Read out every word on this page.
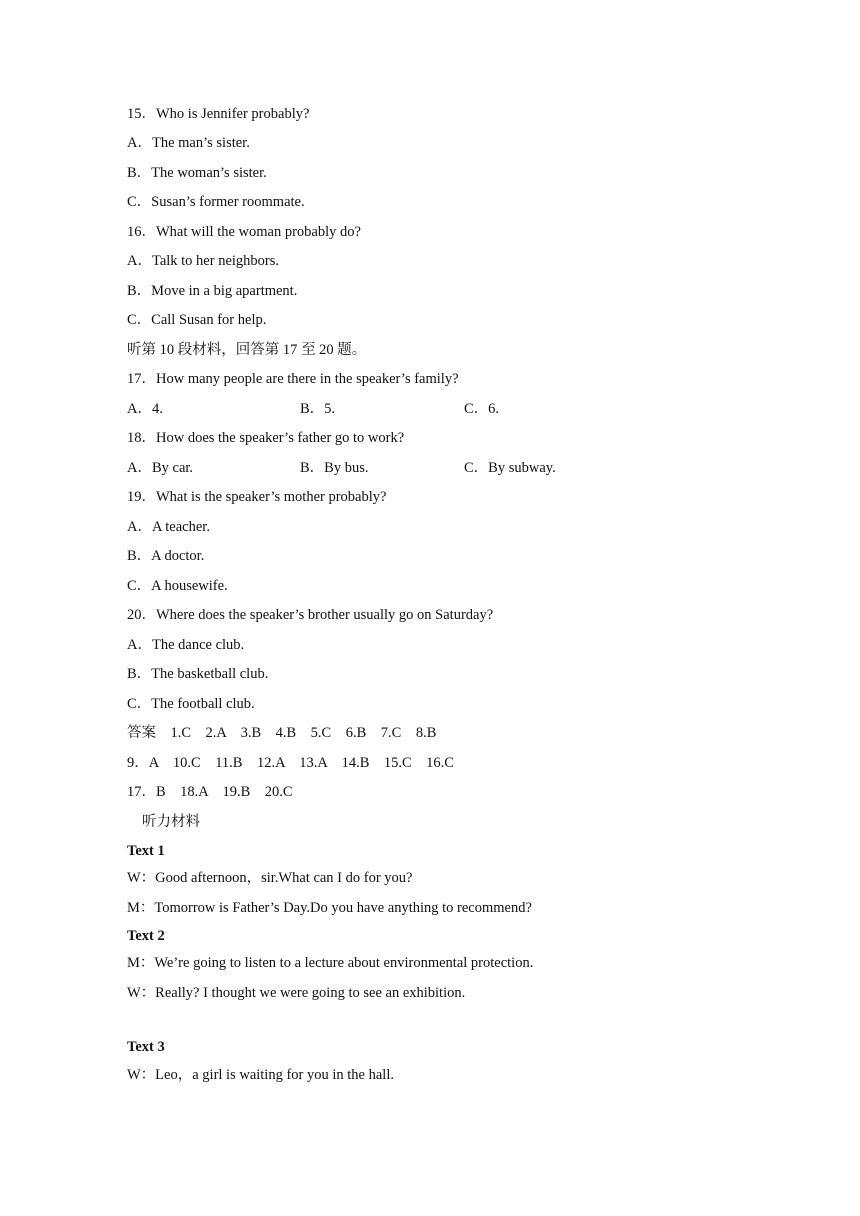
15．Who is Jennifer probably?

A．The man’s sister.

B．The woman’s sister.

C．Susan’s former roommate.

16．What will the woman probably do?

A．Talk to her neighbors.

B．Move in a big apartment.

C．Call Susan for help.

听第 10 段材料，回答第 17 至 20 题。

17．How many people are there in the speaker’s family?

A．4.	B．5.	C．6.

18．How does the speaker’s father go to work?

A．By car.	B．By bus.	C．By subway.

19．What is the speaker’s mother probably?

A．A teacher.

B．A doctor.

C．A housewife.

20．Where does the speaker’s brother usually go on Saturday?

A．The dance club.

B．The basketball club.

C．The football club.

答案　1.C　2.A　3.B　4.B　5.C　6.B　7.C　8.B

9．A　10.C　11.B　12.A　13.A　14.B　15.C　16.C

17．B　18.A　19.B　20.C

听力材料

Text 1

W：Good afternoon，sir.What can I do for you?

M：Tomorrow is Father’s Day.Do you have anything to recommend?

Text 2

M：We’re going to listen to a lecture about environmental protection.

W：Really? I thought we were going to see an exhibition.

Text 3

W：Leo，a girl is waiting for you in the hall.
